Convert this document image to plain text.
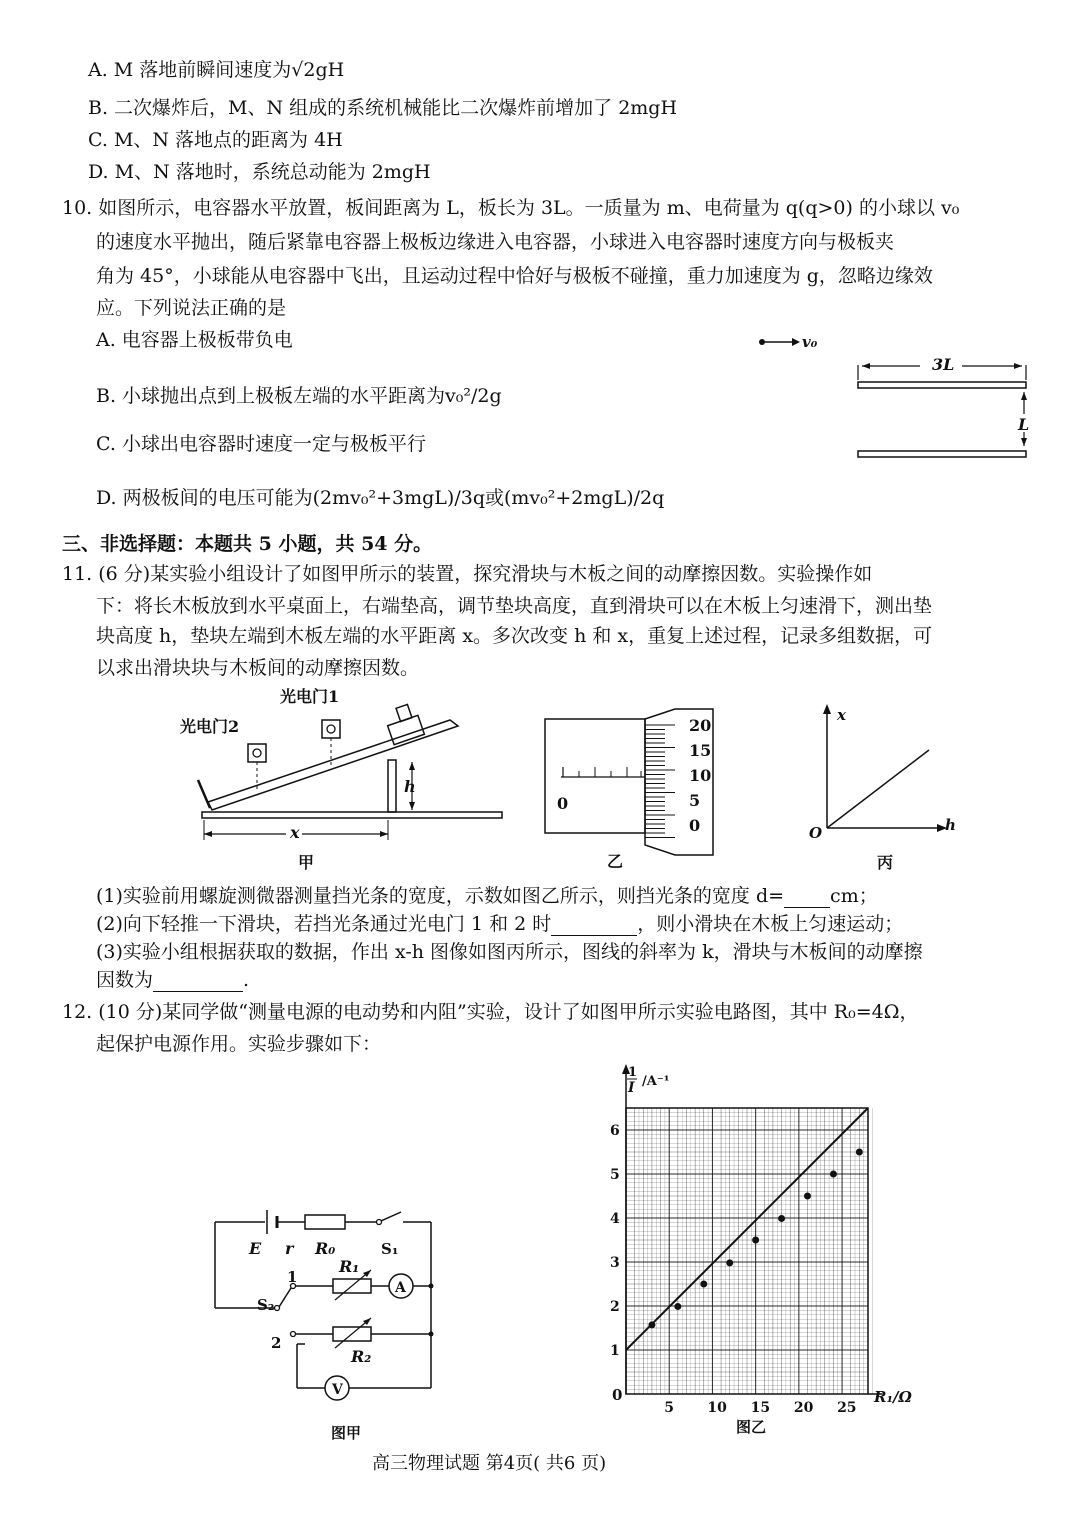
A. M 落地前瞬间速度为√2gH
B. 二次爆炸后，M、N 组成的系统机械能比二次爆炸前增加了 2mgH
C. M、N 落地点的距离为 4H
D. M、N 落地时，系统总动能为 2mgH
10. 如图所示，电容器水平放置，板间距离为 L，板长为 3L。一质量为 m、电荷量为 q(q>0) 的小球以 v₀
的速度水平抛出，随后紧靠电容器上极板边缘进入电容器，小球进入电容器时速度方向与极板夹
角为 45°，小球能从电容器中飞出，且运动过程中恰好与极板不碰撞，重力加速度为 g，忽略边缘效
应。下列说法正确的是
A. 电容器上极板带负电
B. 小球抛出点到上极板左端的水平距离为v₀²/2g
C. 小球出电容器时速度一定与极板平行
D. 两极板间的电压可能为(2mv₀²+3mgL)/3q或(mv₀²+2mgL)/2q
v₀
3L
L
三、非选择题：本题共 5 小题，共 54 分。
11. (6 分)某实验小组设计了如图甲所示的装置，探究滑块与木板之间的动摩擦因数。实验操作如
下：将长木板放到水平桌面上，右端垫高，调节垫块高度，直到滑块可以在木板上匀速滑下，测出垫
块高度 h，垫块左端到木板左端的水平距离 x。多次改变 h 和 x，重复上述过程，记录多组数据，可
以求出滑块块与木板间的动摩擦因数。
光电门1
光电门2
h
x
甲
0
20
15
10
5
0
乙
x
h
O
丙
(1)实验前用螺旋测微器测量挡光条的宽度，示数如图乙所示，则挡光条的宽度 d= cm；
(2)向下轻推一下滑块，若挡光条通过光电门 1 和 2 时	，则小滑块在木板上匀速运动；
(3)实验小组根据获取的数据，作出 x-h 图像如图丙所示，图线的斜率为 k，滑块与木板间的动摩擦
因数为	.
12. (10 分)某同学做“测量电源的电动势和内阻”实验，设计了如图甲所示实验电路图，其中 R₀=4Ω，
起保护电源作用。实验步骤如下：
A
V
E r R₀	S₁
S₂
1
2
R₁
R₂
图甲
5 10 15 20 25
1
2
3
4
5
6
1
I /A⁻¹
R₁/Ω
0
图乙
高三物理试题 第4页( 共6 页)
